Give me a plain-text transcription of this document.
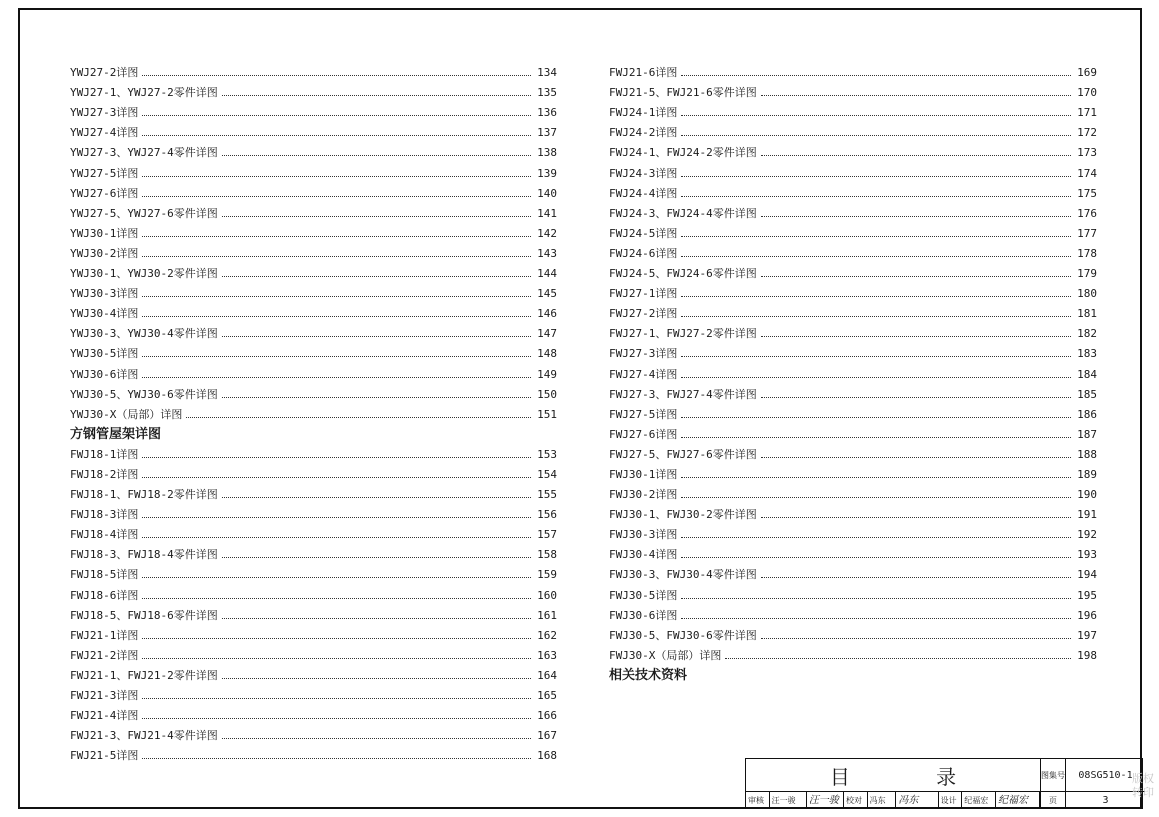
YWJ27-2详图	134
YWJ27-1、YWJ27-2零件详图	135
YWJ27-3详图	136
YWJ27-4详图	137
YWJ27-3、YWJ27-4零件详图	138
YWJ27-5详图	139
YWJ27-6详图	140
YWJ27-5、YWJ27-6零件详图	141
YWJ30-1详图	142
YWJ30-2详图	143
YWJ30-1、YWJ30-2零件详图	144
YWJ30-3详图	145
YWJ30-4详图	146
YWJ30-3、YWJ30-4零件详图	147
YWJ30-5详图	148
YWJ30-6详图	149
YWJ30-5、YWJ30-6零件详图	150
YWJ30-X（局部）详图	151
方钢管屋架详图
FWJ18-1详图	153
FWJ18-2详图	154
FWJ18-1、FWJ18-2零件详图	155
FWJ18-3详图	156
FWJ18-4详图	157
FWJ18-3、FWJ18-4零件详图	158
FWJ18-5详图	159
FWJ18-6详图	160
FWJ18-5、FWJ18-6零件详图	161
FWJ21-1详图	162
FWJ21-2详图	163
FWJ21-1、FWJ21-2零件详图	164
FWJ21-3详图	165
FWJ21-4详图	166
FWJ21-3、FWJ21-4零件详图	167
FWJ21-5详图	168
FWJ21-6详图	169
FWJ21-5、FWJ21-6零件详图	170
FWJ24-1详图	171
FWJ24-2详图	172
FWJ24-1、FWJ24-2零件详图	173
FWJ24-3详图	174
FWJ24-4详图	175
FWJ24-3、FWJ24-4零件详图	176
FWJ24-5详图	177
FWJ24-6详图	178
FWJ24-5、FWJ24-6零件详图	179
FWJ27-1详图	180
FWJ27-2详图	181
FWJ27-1、FWJ27-2零件详图	182
FWJ27-3详图	183
FWJ27-4详图	184
FWJ27-3、FWJ27-4零件详图	185
FWJ27-5详图	186
FWJ27-6详图	187
FWJ27-5、FWJ27-6零件详图	188
FWJ30-1详图	189
FWJ30-2详图	190
FWJ30-1、FWJ30-2零件详图	191
FWJ30-3详图	192
FWJ30-4详图	193
FWJ30-3、FWJ30-4零件详图	194
FWJ30-5详图	195
FWJ30-6详图	196
FWJ30-5、FWJ30-6零件详图	197
FWJ30-X（局部）详图	198
相关技术资料
目 录
审核 汪一骏	汪一骏 校对 冯东	冯东	设计 纪福宏 纪福宏
图集号	08SG510-1
页	3
版权转印
